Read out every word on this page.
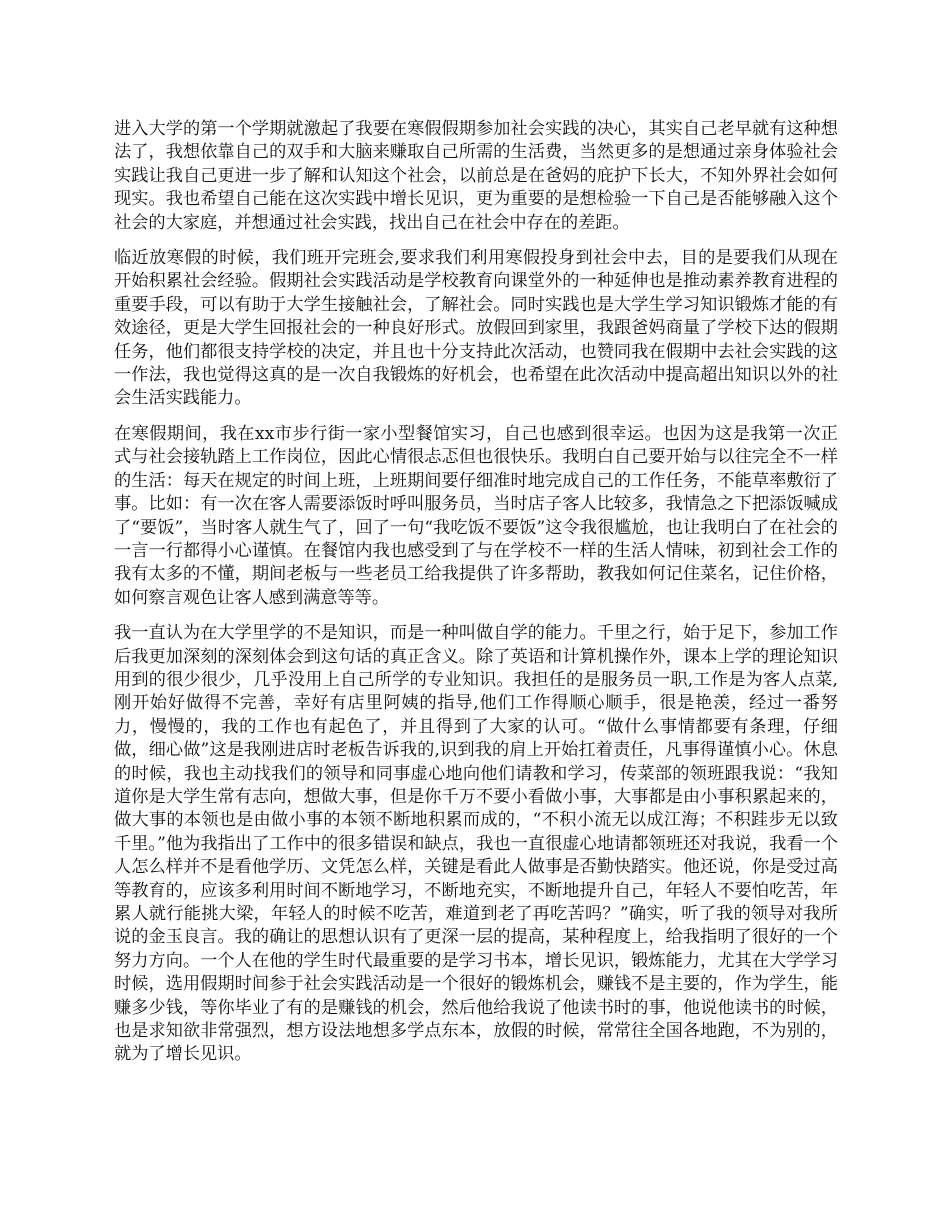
进入大学的第一个学期就激起了我要在寒假假期参加社会实践的决心，其实自己老早就有这种想法了，我想依靠自己的双手和大脑来赚取自己所需的生活费，当然更多的是想通过亲身体验社会实践让我自己更进一步了解和认知这个社会，以前总是在爸妈的庇护下长大，不知外界社会如何现实。我也希望自己能在这次实践中增长见识，更为重要的是想检验一下自己是否能够融入这个社会的大家庭，并想通过社会实践，找出自己在社会中存在的差距。

临近放寒假的时候，我们班开完班会,要求我们利用寒假投身到社会中去，目的是要我们从现在开始积累社会经验。假期社会实践活动是学校教育向课堂外的一种延伸也是推动素养教育进程的重要手段，可以有助于大学生接触社会，了解社会。同时实践也是大学生学习知识锻炼才能的有效途径，更是大学生回报社会的一种良好形式。放假回到家里，我跟爸妈商量了学校下达的假期任务，他们都很支持学校的决定，并且也十分支持此次活动，也赞同我在假期中去社会实践的这一作法，我也觉得这真的是一次自我锻炼的好机会，也希望在此次活动中提高超出知识以外的社会生活实践能力。

在寒假期间，我在xx市步行街一家小型餐馆实习，自己也感到很幸运。也因为这是我第一次正式与社会接轨踏上工作岗位，因此心情很忐忑但也很快乐。我明白自己要开始与以往完全不一样的生活：每天在规定的时间上班，上班期间要仔细准时地完成自己的工作任务，不能草率敷衍了事。比如：有一次在客人需要添饭时呼叫服务员，当时店子客人比较多，我情急之下把添饭喊成了“要饭”，当时客人就生气了，回了一句“我吃饭不要饭”这令我很尴尬，也让我明白了在社会的一言一行都得小心谨慎。在餐馆内我也感受到了与在学校不一样的生活人情味，初到社会工作的我有太多的不懂，期间老板与一些老员工给我提供了许多帮助，教我如何记住菜名，记住价格，如何察言观色让客人感到满意等等。

我一直认为在大学里学的不是知识，而是一种叫做自学的能力。千里之行，始于足下，参加工作后我更加深刻的深刻体会到这句话的真正含义。除了英语和计算机操作外，课本上学的理论知识用到的很少很少，几乎没用上自己所学的专业知识。我担任的是服务员一职,工作是为客人点菜,刚开始好做得不完善，幸好有店里阿姨的指导,他们工作得顺心顺手，很是艳羡，经过一番努力，慢慢的，我的工作也有起色了，并且得到了大家的认可。“做什么事情都要有条理，仔细做，细心做”这是我刚进店时老板告诉我的,识到我的肩上开始扛着责任，凡事得谨慎小心。休息的时候，我也主动找我们的领导和同事虚心地向他们请教和学习，传菜部的领班跟我说：“我知道你是大学生常有志向，想做大事，但是你千万不要小看做小事，大事都是由小事积累起来的，做大事的本领也是由做小事的本领不断地积累而成的，“不积小流无以成江海；不积跬步无以致千里。”他为我指出了工作中的很多错误和缺点，我也一直很虚心地请都领班还对我说，我看一个人怎么样并不是看他学历、文凭怎么样，关键是看此人做事是否勤快踏实。他还说，你是受过高等教育的，应该多利用时间不断地学习，不断地充实，不断地提升自己，年轻人不要怕吃苦，年累人就行能挑大梁，年轻人的时候不吃苦，难道到老了再吃苦吗？”确实，听了我的领导对我所说的金玉良言。我的确让的思想认识有了更深一层的提高，某种程度上，给我指明了很好的一个努力方向。一个人在他的学生时代最重要的是学习书本，增长见识，锻炼能力，尤其在大学学习时候，选用假期时间参于社会实践活动是一个很好的锻炼机会，赚钱不是主要的，作为学生，能赚多少钱，等你毕业了有的是赚钱的机会，然后他给我说了他读书时的事，他说他读书的时候，也是求知欲非常强烈，想方设法地想多学点东本，放假的时候，常常往全国各地跑，不为别的，就为了增长见识。
